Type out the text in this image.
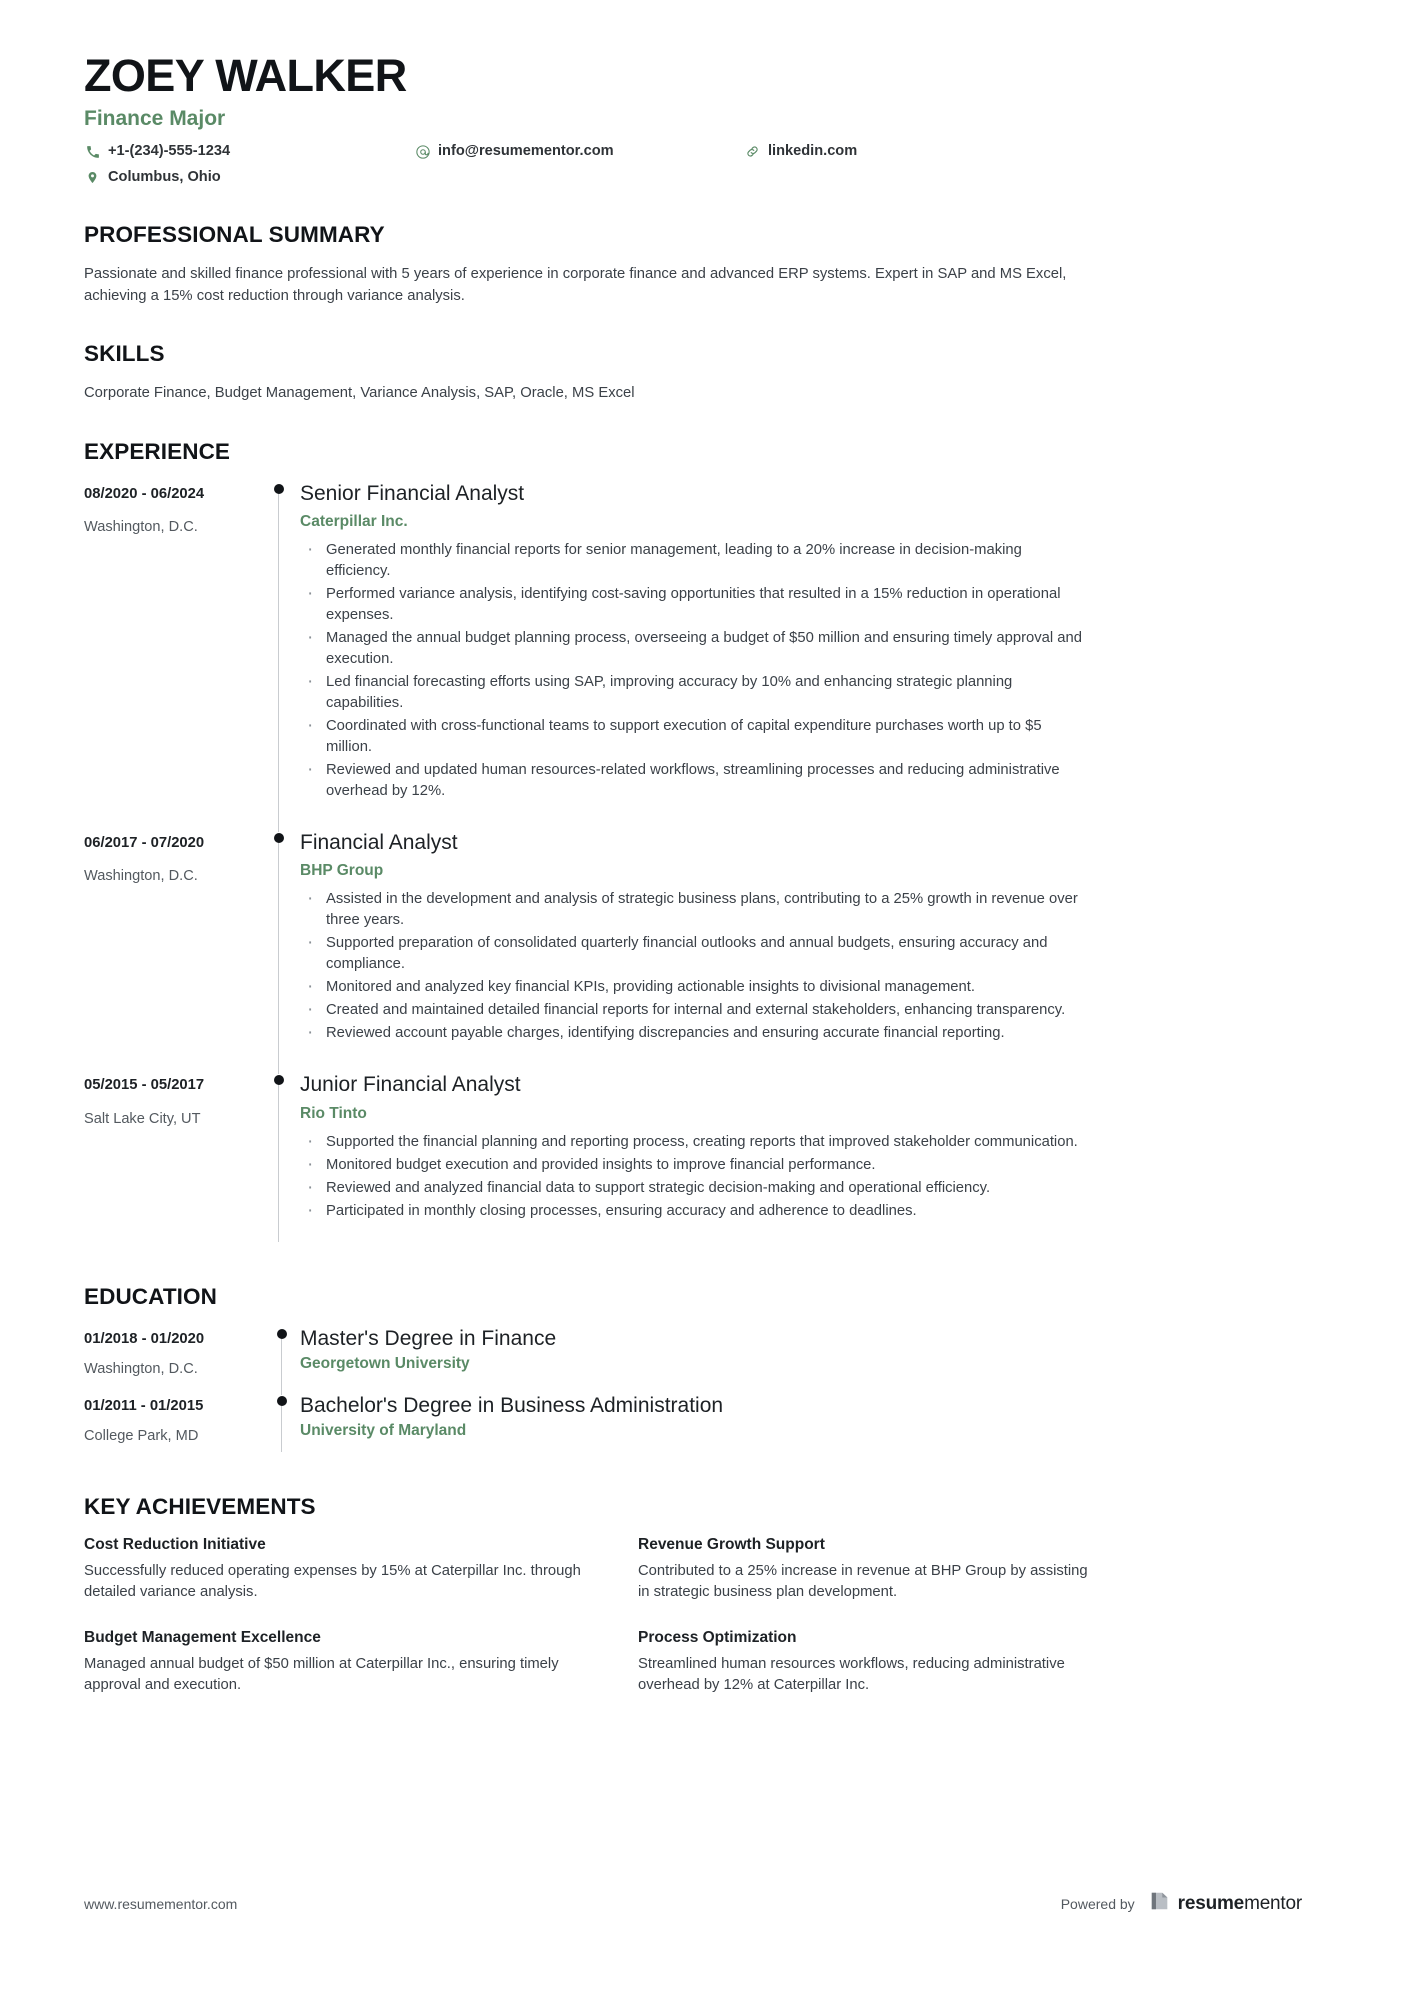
ZOEY WALKER
Finance Major
+1-(234)-555-1234	info@resumementor.com	linkedin.com
Columbus, Ohio
PROFESSIONAL SUMMARY
Passionate and skilled finance professional with 5 years of experience in corporate finance and advanced ERP systems. Expert in SAP and MS Excel, achieving a 15% cost reduction through variance analysis.
SKILLS
Corporate Finance, Budget Management, Variance Analysis, SAP, Oracle, MS Excel
EXPERIENCE
08/2020 - 06/2024
Washington, D.C.
Senior Financial Analyst
Caterpillar Inc.
· Generated monthly financial reports for senior management, leading to a 20% increase in decision-making efficiency.
· Performed variance analysis, identifying cost-saving opportunities that resulted in a 15% reduction in operational expenses.
· Managed the annual budget planning process, overseeing a budget of $50 million and ensuring timely approval and execution.
· Led financial forecasting efforts using SAP, improving accuracy by 10% and enhancing strategic planning capabilities.
· Coordinated with cross-functional teams to support execution of capital expenditure purchases worth up to $5 million.
· Reviewed and updated human resources-related workflows, streamlining processes and reducing administrative overhead by 12%.
06/2017 - 07/2020
Washington, D.C.
Financial Analyst
BHP Group
· Assisted in the development and analysis of strategic business plans, contributing to a 25% growth in revenue over three years.
· Supported preparation of consolidated quarterly financial outlooks and annual budgets, ensuring accuracy and compliance.
· Monitored and analyzed key financial KPIs, providing actionable insights to divisional management.
· Created and maintained detailed financial reports for internal and external stakeholders, enhancing transparency.
· Reviewed account payable charges, identifying discrepancies and ensuring accurate financial reporting.
05/2015 - 05/2017
Salt Lake City, UT
Junior Financial Analyst
Rio Tinto
· Supported the financial planning and reporting process, creating reports that improved stakeholder communication.
· Monitored budget execution and provided insights to improve financial performance.
· Reviewed and analyzed financial data to support strategic decision-making and operational efficiency.
· Participated in monthly closing processes, ensuring accuracy and adherence to deadlines.
EDUCATION
01/2018 - 01/2020
Washington, D.C.
Master's Degree in Finance
Georgetown University
01/2011 - 01/2015
College Park, MD
Bachelor's Degree in Business Administration
University of Maryland
KEY ACHIEVEMENTS
Cost Reduction Initiative
Successfully reduced operating expenses by 15% at Caterpillar Inc. through detailed variance analysis.
Revenue Growth Support
Contributed to a 25% increase in revenue at BHP Group by assisting in strategic business plan development.
Budget Management Excellence
Managed annual budget of $50 million at Caterpillar Inc., ensuring timely approval and execution.
Process Optimization
Streamlined human resources workflows, reducing administrative overhead by 12% at Caterpillar Inc.
www.resumementor.com	Powered by resumementor
